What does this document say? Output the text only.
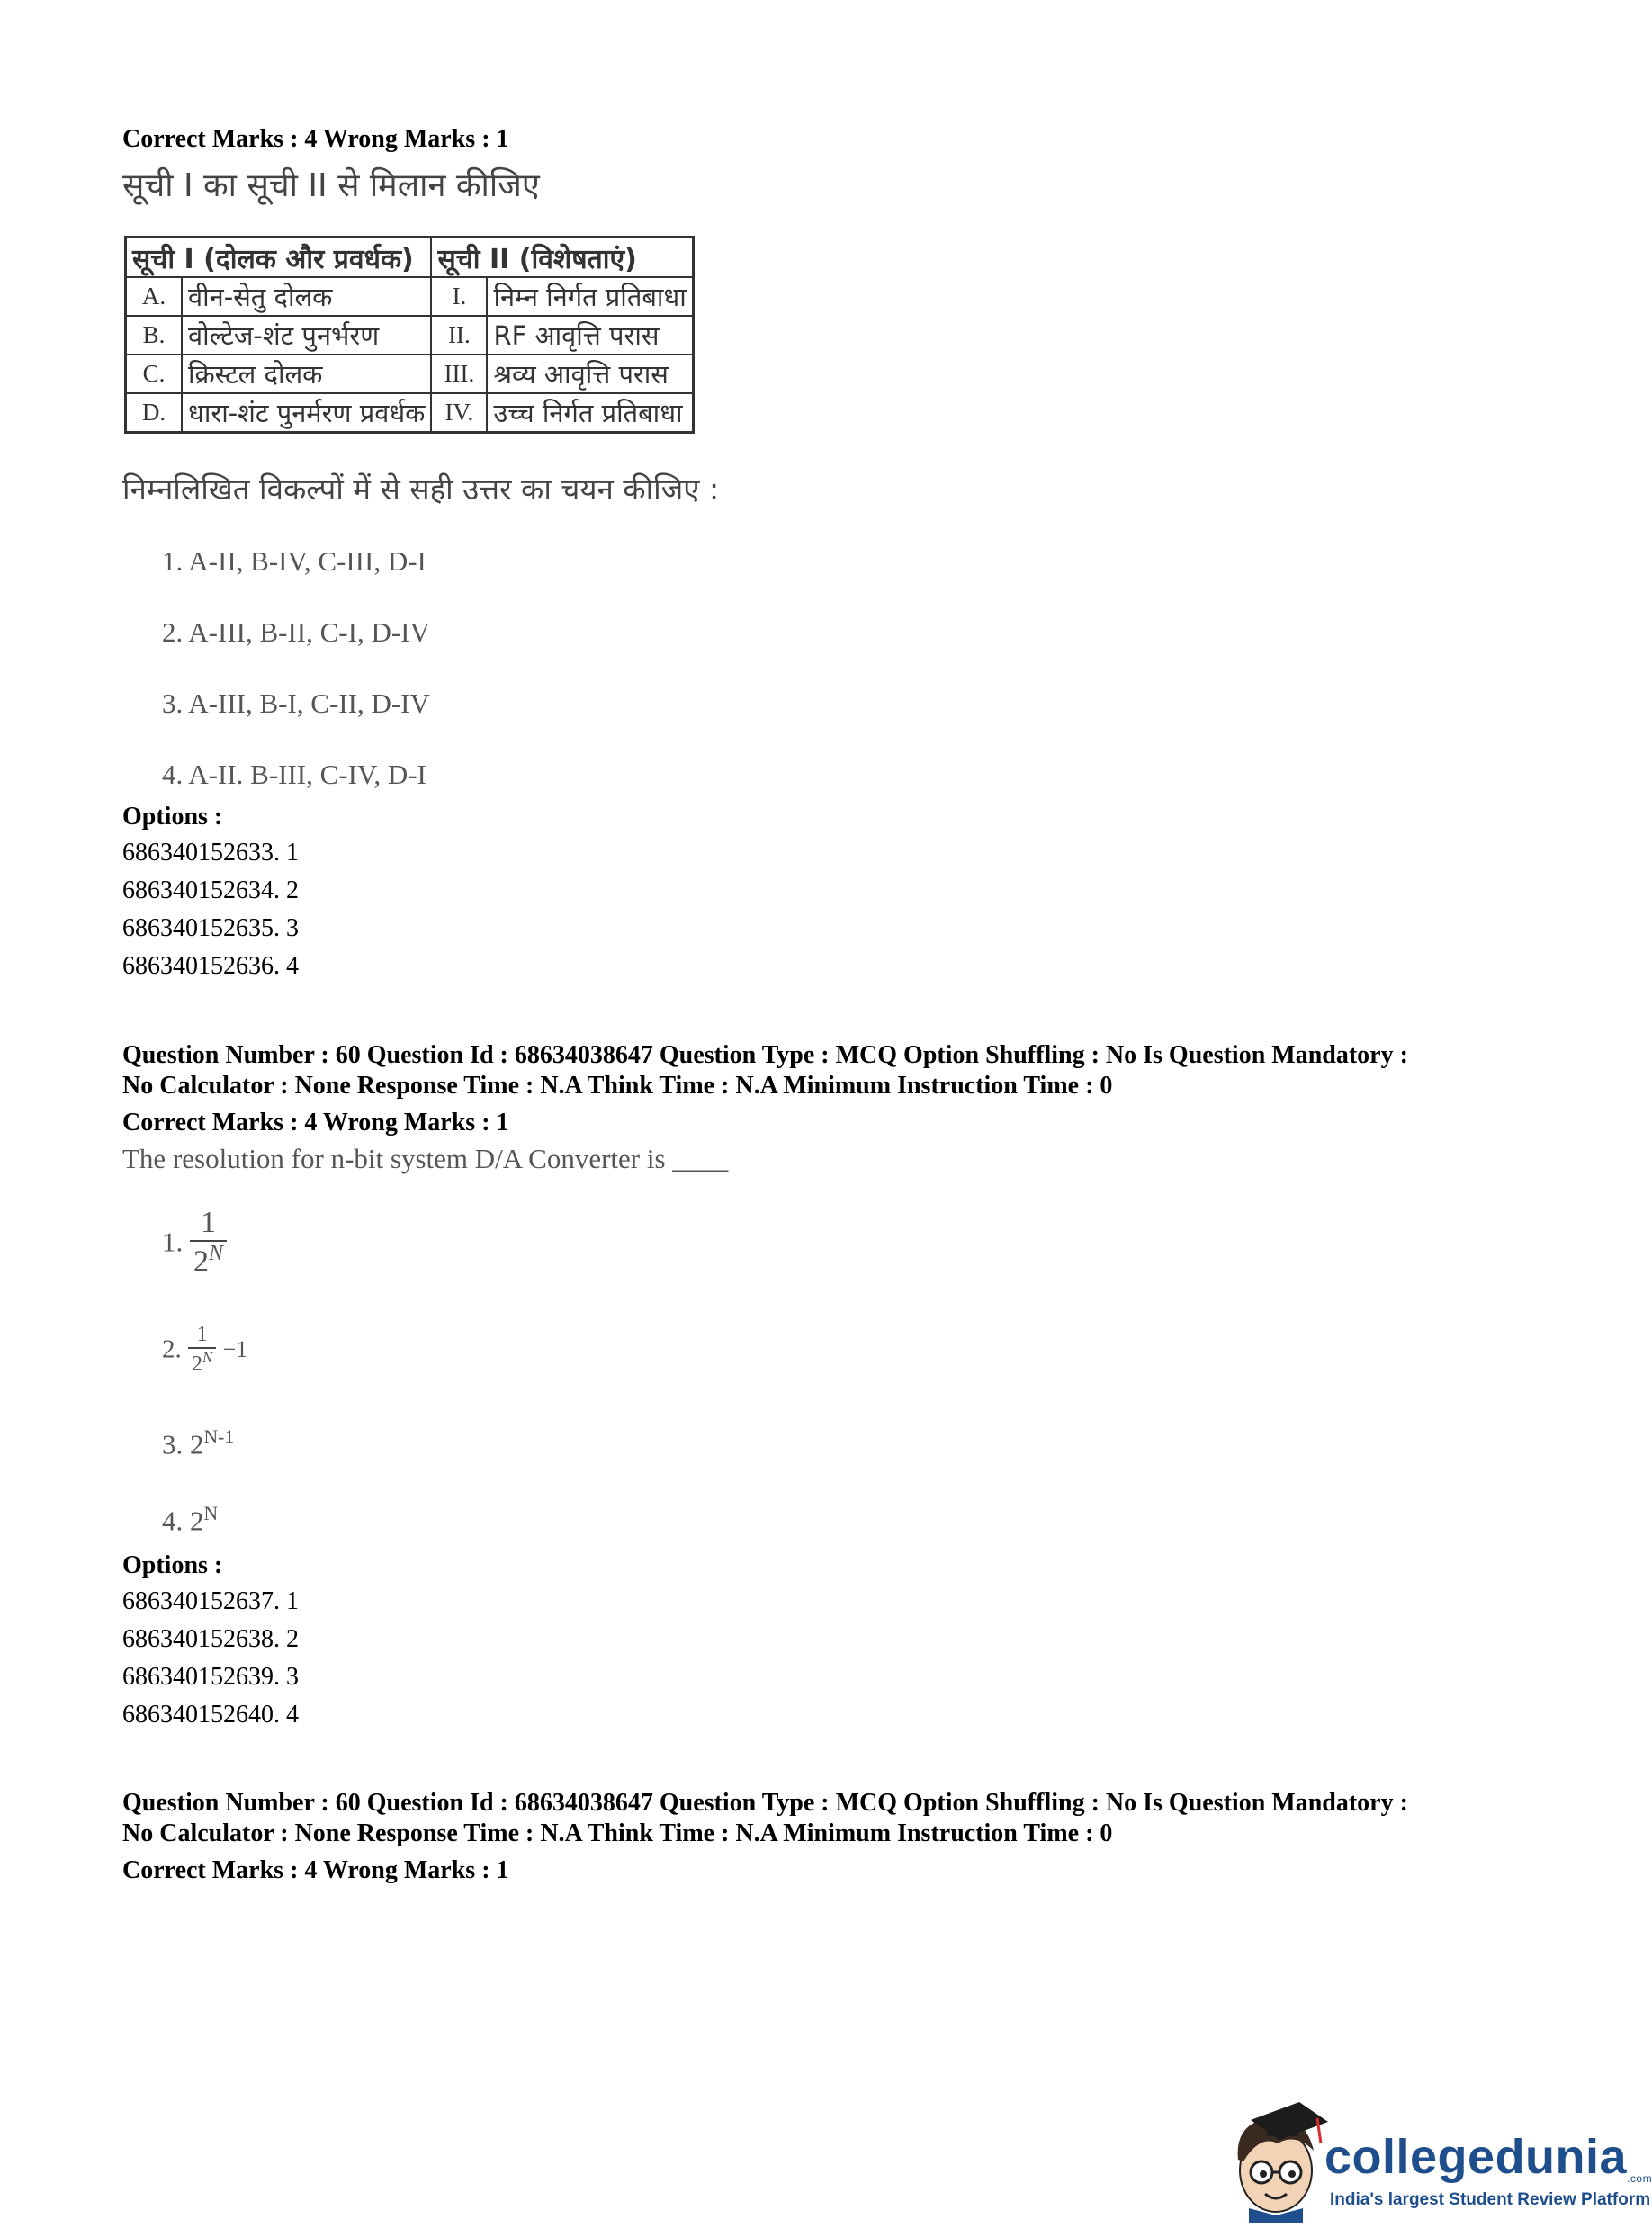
Correct Marks : 4 Wrong Marks : 1
सूची I का सूची II से मिलान कीजिए
सूची I (दोलक और प्रवर्धक)		सूची II (विशेषताएं)	
A.	वीन-सेतु दोलक	I.	निम्न निर्गत प्रतिबाधा
B.	वोल्टेज-शंट पुनर्भरण	II.	RF आवृत्ति परास
C.	क्रिस्टल दोलक	III.	श्रव्य आवृत्ति परास
D.	धारा-शंट पुनर्मरण प्रवर्धक	IV.	उच्च निर्गत प्रतिबाधा
निम्नलिखित विकल्पों में से सही उत्तर का चयन कीजिए :
1. A-II, B-IV, C-III, D-I
2. A-III, B-II, C-I, D-IV
3. A-III, B-I, C-II, D-IV
4. A-II. B-III, C-IV, D-I
Options :
686340152633. 1
686340152634. 2
686340152635. 3
686340152636. 4
Question Number : 60 Question Id : 68634038647 Question Type : MCQ Option Shuffling : No Is Question Mandatory :
No Calculator : None Response Time : N.A Think Time : N.A Minimum Instruction Time : 0
Correct Marks : 4 Wrong Marks : 1
The resolution for n-bit system D/A Converter is ____
1. $\frac{1}{2^N}$
2. $\frac{1}{2^N} -1$
3. $2^{N-1}$
4. $2^N$
Options :
686340152637. 1
686340152638. 2
686340152639. 3
686340152640. 4
Question Number : 60 Question Id : 68634038647 Question Type : MCQ Option Shuffling : No Is Question Mandatory :
No Calculator : None Response Time : N.A Think Time : N.A Minimum Instruction Time : 0
Correct Marks : 4 Wrong Marks : 1
collegedunia.com
India's largest Student Review Platform
